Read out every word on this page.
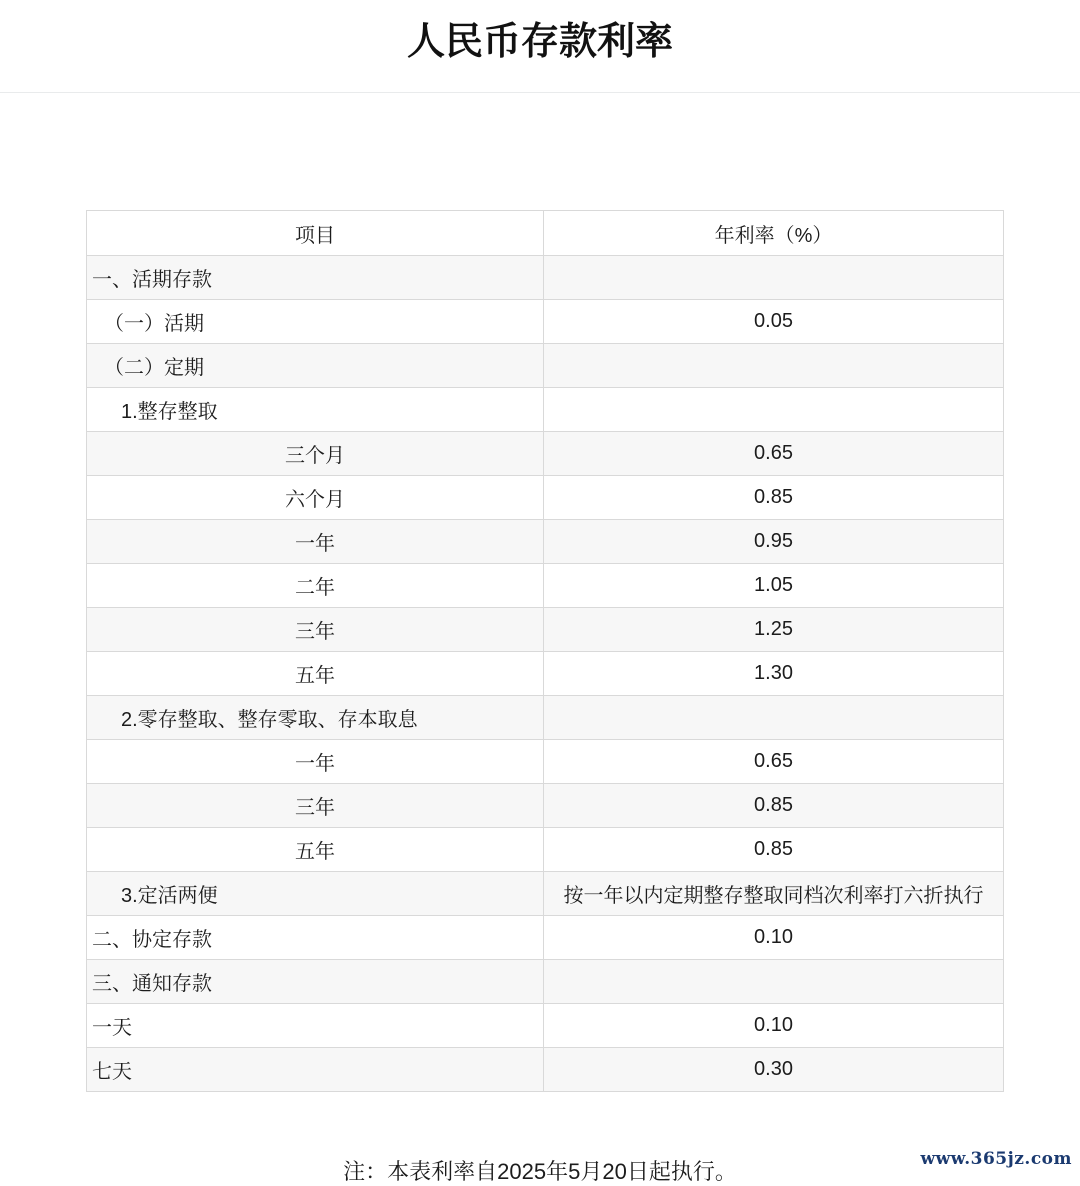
人民币存款利率
项目	年利率（%）
一、活期存款	
（一）活期	0.05
（二）定期	
1.整存整取	
三个月	0.65
六个月	0.85
一年	0.95
二年	1.05
三年	1.25
五年	1.30
2.零存整取、整存零取、存本取息	
一年	0.65
三年	0.85
五年	0.85
3.定活两便	按一年以内定期整存整取同档次利率打六折执行
二、协定存款	0.10
三、通知存款	
一天	0.10
七天	0.30

注：本表利率自2025年5月20日起执行。	www.365jz.com
